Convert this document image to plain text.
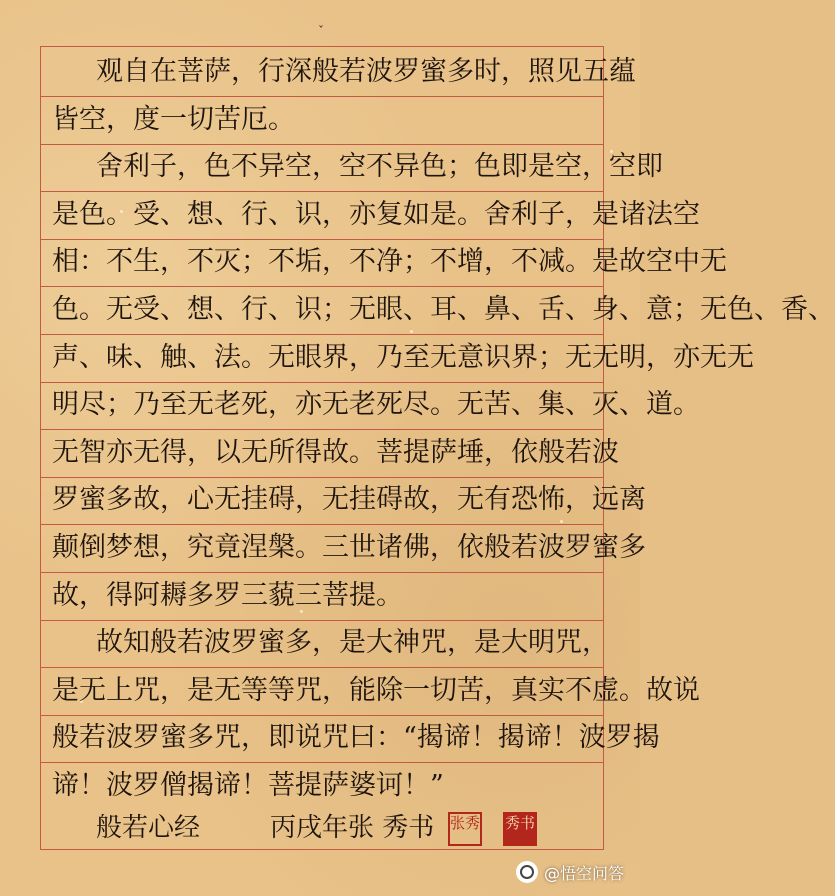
ˇ
观自在菩萨，行深般若波罗蜜多时，照见五蕴
皆空，度一切苦厄。
舍利子，色不异空，空不异色；色即是空，空即
是色。受、想、行、识，亦复如是。舍利子，是诸法空
相：不生，不灭；不垢，不净；不增，不减。是故空中无
色。无受、想、行、识；无眼、耳、鼻、舌、身、意；无色、香、
声、味、触、法。无眼界，乃至无意识界；无无明，亦无无
明尽；乃至无老死，亦无老死尽。无苦、集、灭、道。
无智亦无得，以无所得故。菩提萨埵，依般若波
罗蜜多故，心无挂碍，无挂碍故，无有恐怖，远离
颠倒梦想，究竟涅槃。三世诸佛，依般若波罗蜜多
故，得阿耨多罗三藐三菩提。
故知般若波罗蜜多，是大神咒，是大明咒，
是无上咒，是无等等咒，能除一切苦，真实不虚。故说
般若波罗蜜多咒，即说咒曰：“揭谛！揭谛！波罗揭
般若心经	丙戌年张 秀书 张秀 秀书
@悟空问答
谛！波罗僧揭谛！菩提萨婆诃！”
